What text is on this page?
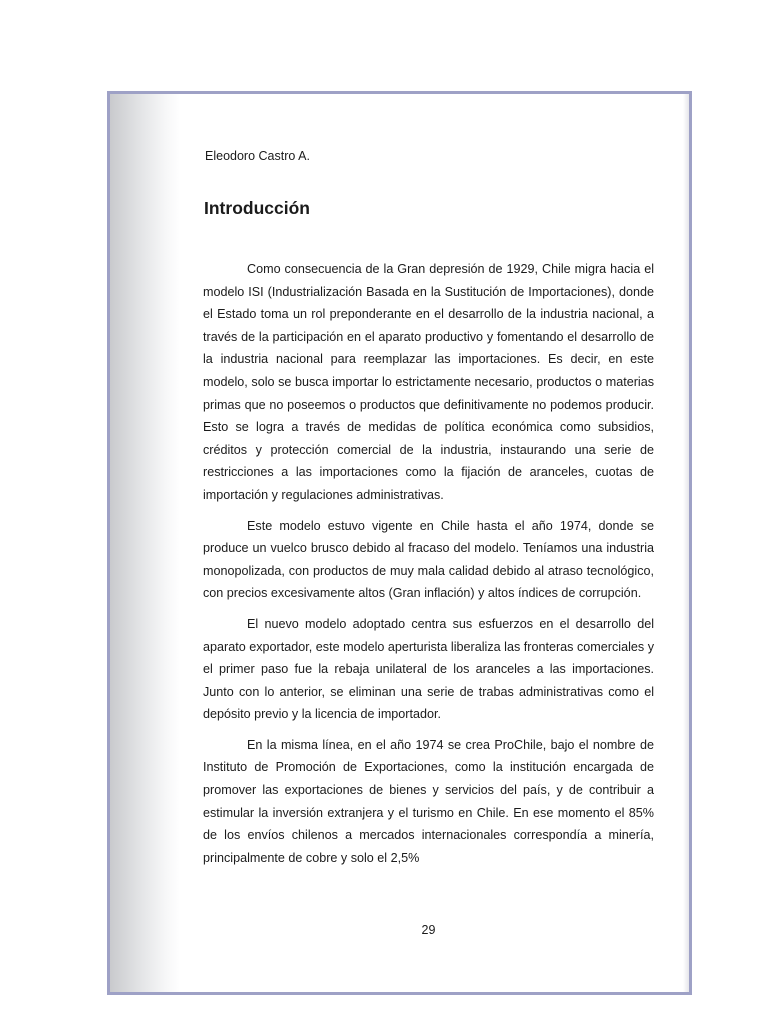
Eleodoro Castro A.
Introducción

Como consecuencia de la Gran depresión de 1929, Chile migra hacia el modelo ISI (Industrialización Basada en la Sustitución de Importaciones), donde el Estado toma un rol preponderante en el desarrollo de la industria nacional, a través de la participación en el aparato productivo y fomentando el desarrollo de la industria nacional para reemplazar las importaciones. Es decir, en este modelo, solo se busca importar lo estrictamente necesario, productos o materias primas que no poseemos o productos que definitivamente no podemos producir. Esto se logra a través de medidas de política económica como subsidios, créditos y protección comercial de la industria, instaurando una serie de restricciones a las importaciones como la fijación de aranceles, cuotas de importación y regulaciones administrativas.

Este modelo estuvo vigente en Chile hasta el año 1974, donde se produce un vuelco brusco debido al fracaso del modelo. Teníamos una industria monopolizada, con productos de muy mala calidad debido al atraso tecnológico, con precios excesivamente altos (Gran inflación) y altos índices de corrupción.

El nuevo modelo adoptado centra sus esfuerzos en el desarrollo del aparato exportador, este modelo aperturista liberaliza las fronteras comerciales y el primer paso fue la rebaja unilateral de los aranceles a las importaciones. Junto con lo anterior, se eliminan una serie de trabas administrativas como el depósito previo y la licencia de importador.

En la misma línea, en el año 1974 se crea ProChile, bajo el nombre de Instituto de Promoción de Exportaciones, como la institución encargada de promover las exportaciones de bienes y servicios del país, y de contribuir a estimular la inversión extranjera y el turismo en Chile. En ese momento el 85% de los envíos chilenos a mercados internacionales correspondía a minería, principalmente de cobre y solo el 2,5%

29
